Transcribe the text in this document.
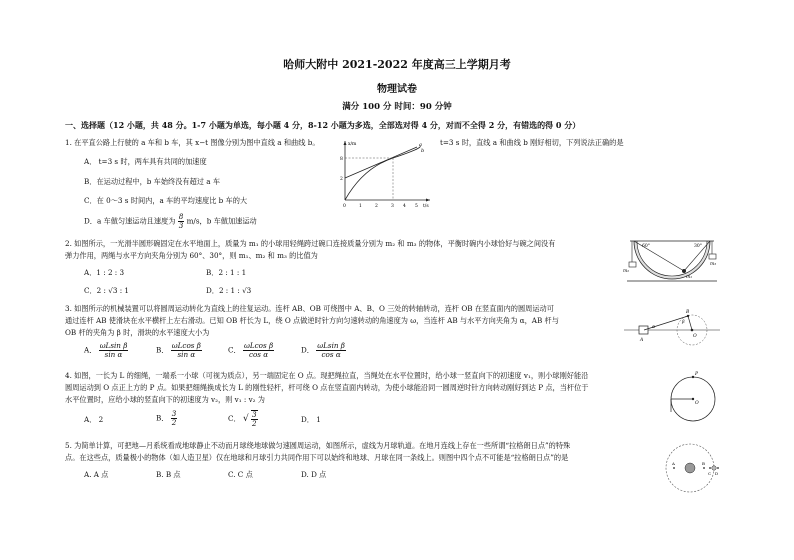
哈师大附中 2021-2022 年度高三上学期月考
物理试卷
满分 100 分 时间：90 分钟
一、选择题（12 小题，共 48 分。1-7 小题为单选，每小题 4 分，8-12 小题为多选，全部选对得 4 分，对而不全得 2 分，有错选的得 0 分）
1. 在平直公路上行驶的 a 车和 b 车，其 x−t 图像分别为图中直线 a 和曲线 b。	t=3 s 时，直线 a 和曲线 b 刚好相切，下列说法正确的是
A． t=3 s 时，两车具有共同的加速度
B．在运动过程中，b 车始终没有超过 a 车
C．在 0～3 s 时间内，a 车的平均速度比 b 车的大
D．a 车做匀速运动且速度为 $\frac{8}{3} m/s$，b 车做加速运动
x/m
t/s
a
b
8
2
0	1	2	3 4 5
2. 如图所示，一光滑半圆形碗固定在水平地面上，质量为 m₁ 的小球用轻绳跨过碗口连接质量分别为 m₂ 和 m₃ 的物体，平衡时碗内小球恰好与碗之间没有
弹力作用，两绳与水平方向夹角分别为 60°、30°，则 m₁、m₂ 和 m₃ 的比值为
A．1 : 2 : 3	B．2 : 1 : 1
C．2 : √3 : 1	D．2 : 1 : √3
60°	30°
m₁
m₂
m₃
3. 如图所示的机械装置可以将圆周运动转化为直线上的往复运动。连杆 AB、OB 可绕图中 A、B、O 三处的转轴转动，连杆 OB 在竖直面内的圆周运动可
通过连杆 AB 使滑块在水平横杆上左右滑动。已知 OB 杆长为 L，绕 O 点做逆时针方向匀速转动的角速度为 ω，当连杆 AB 与水平方向夹角为 α，AB 杆与
OB 杆的夹角为 β 时，滑块的水平速度大小为
A． $\frac{\text{ωLsin β}}{\text{sin α}}$	B． $\frac{\text{ωLcos β}}{\text{sin α}}$	C． $\frac{\text{ωLcos β}}{\text{cos α}}$	D． $\frac{\text{ωLsin β}}{\text{cos α}}$
A
B
O
α
β
4. 如图，一长为 L 的细绳，一端系一小球（可视为质点），另一端固定在 O 点。现把绳拉直，当绳处在水平位置时，给小球一竖直向下的初速度 v₁，则小球刚好能沿
圆周运动到 O 点正上方的 P 点。如果把细绳换成长为 L 的刚性轻杆，杆可绕 O 点在竖直面内转动，为使小球能沿同一圆周逆时针方向转动刚好到达 P 点，当杆位于
水平位置时，应给小球的竖直向下的初速度为 v₂，则 v₁ : v₂ 为
A． 2	B． $\frac{3}{2}$	C． √ $\frac{3}{2}$	D． 1
P
O
5. 为简单计算，可把地—月系统看成地球静止不动而月球绕地球做匀速圆周运动，如图所示，虚线为月球轨道。在地月连线上存在一些所谓“拉格朗日点”的特殊
点。在这些点，质量极小的物体（如人造卫星）仅在地球和月球引力共同作用下可以始终和地球、月球在同一条线上。则图中四个点不可能是“拉格朗日点”的是
A. A 点	B. B 点	C. C 点	D. D 点
A	B
C D
